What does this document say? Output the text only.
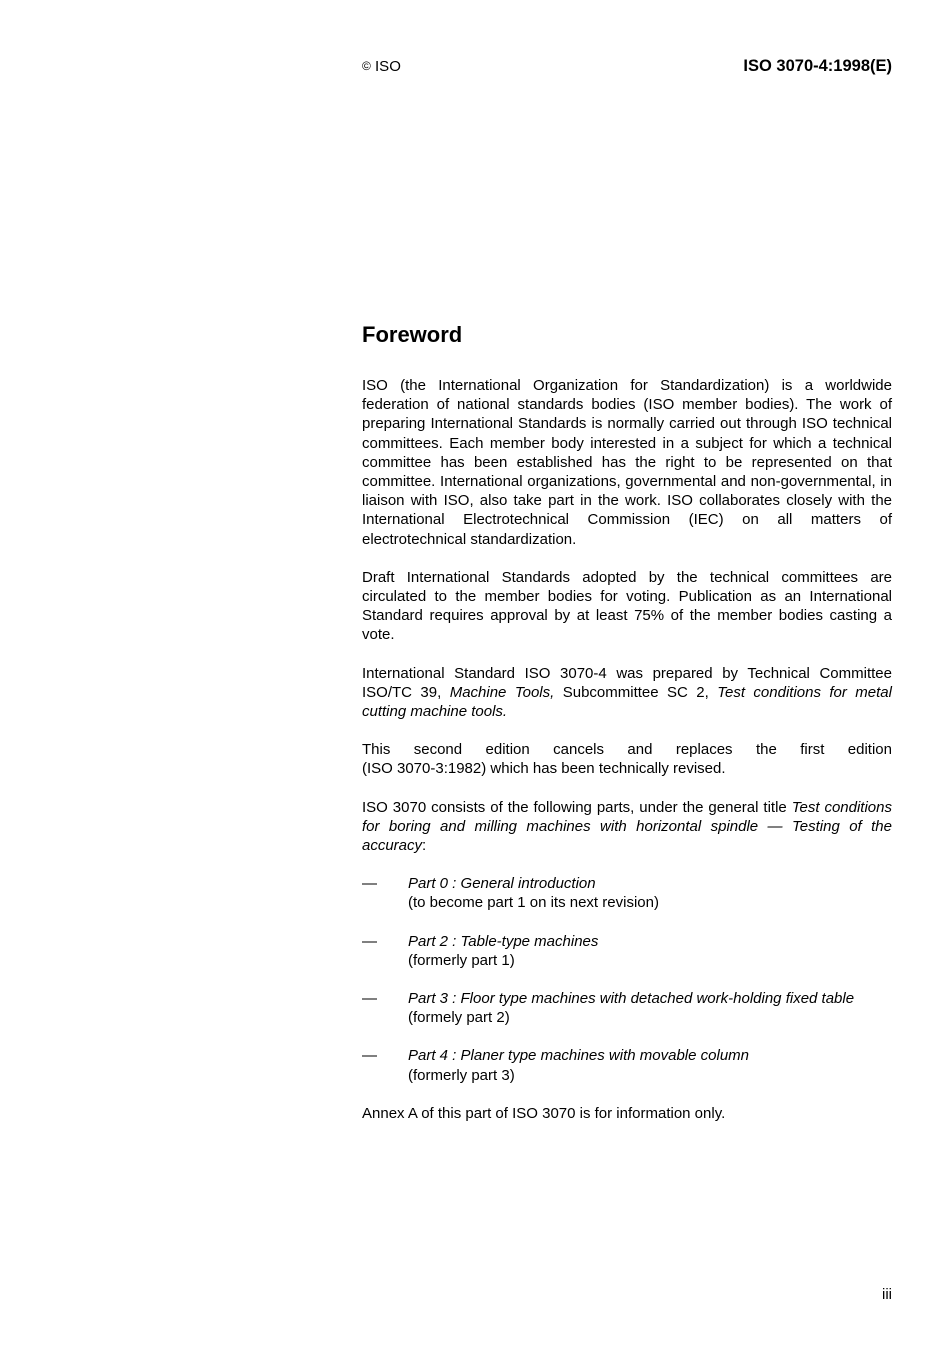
© ISO	ISO 3070-4:1998(E)
Foreword

ISO (the International Organization for Standardization) is a worldwide federation of national standards bodies (ISO member bodies). The work of preparing International Standards is normally carried out through ISO technical committees. Each member body interested in a subject for which a technical committee has been established has the right to be represented on that committee. International organizations, governmental and non-governmental, in liaison with ISO, also take part in the work. ISO collaborates closely with the International Electrotechnical Commission (IEC) on all matters of electrotechnical standardization.

Draft International Standards adopted by the technical committees are circulated to the member bodies for voting. Publication as an International Standard requires approval by at least 75% of the member bodies casting a vote.

International Standard ISO 3070-4 was prepared by Technical Committee ISO/TC 39, Machine Tools, Subcommittee SC 2, Test conditions for metal cutting machine tools.

This second edition cancels and replaces the first edition
(ISO 3070-3:1982) which has been technically revised.

ISO 3070 consists of the following parts, under the general title Test conditions for boring and milling machines with horizontal spindle — Testing of the accuracy:

— Part 0 : General introduction
(to become part 1 on its next revision)
— Part 2 : Table-type machines
(formerly part 1)
— Part 3 : Floor type machines with detached work-holding fixed table
(formely part 2)
— Part 4 : Planer type machines with movable column
(formerly part 3)

Annex A of this part of ISO 3070 is for information only.

iii
